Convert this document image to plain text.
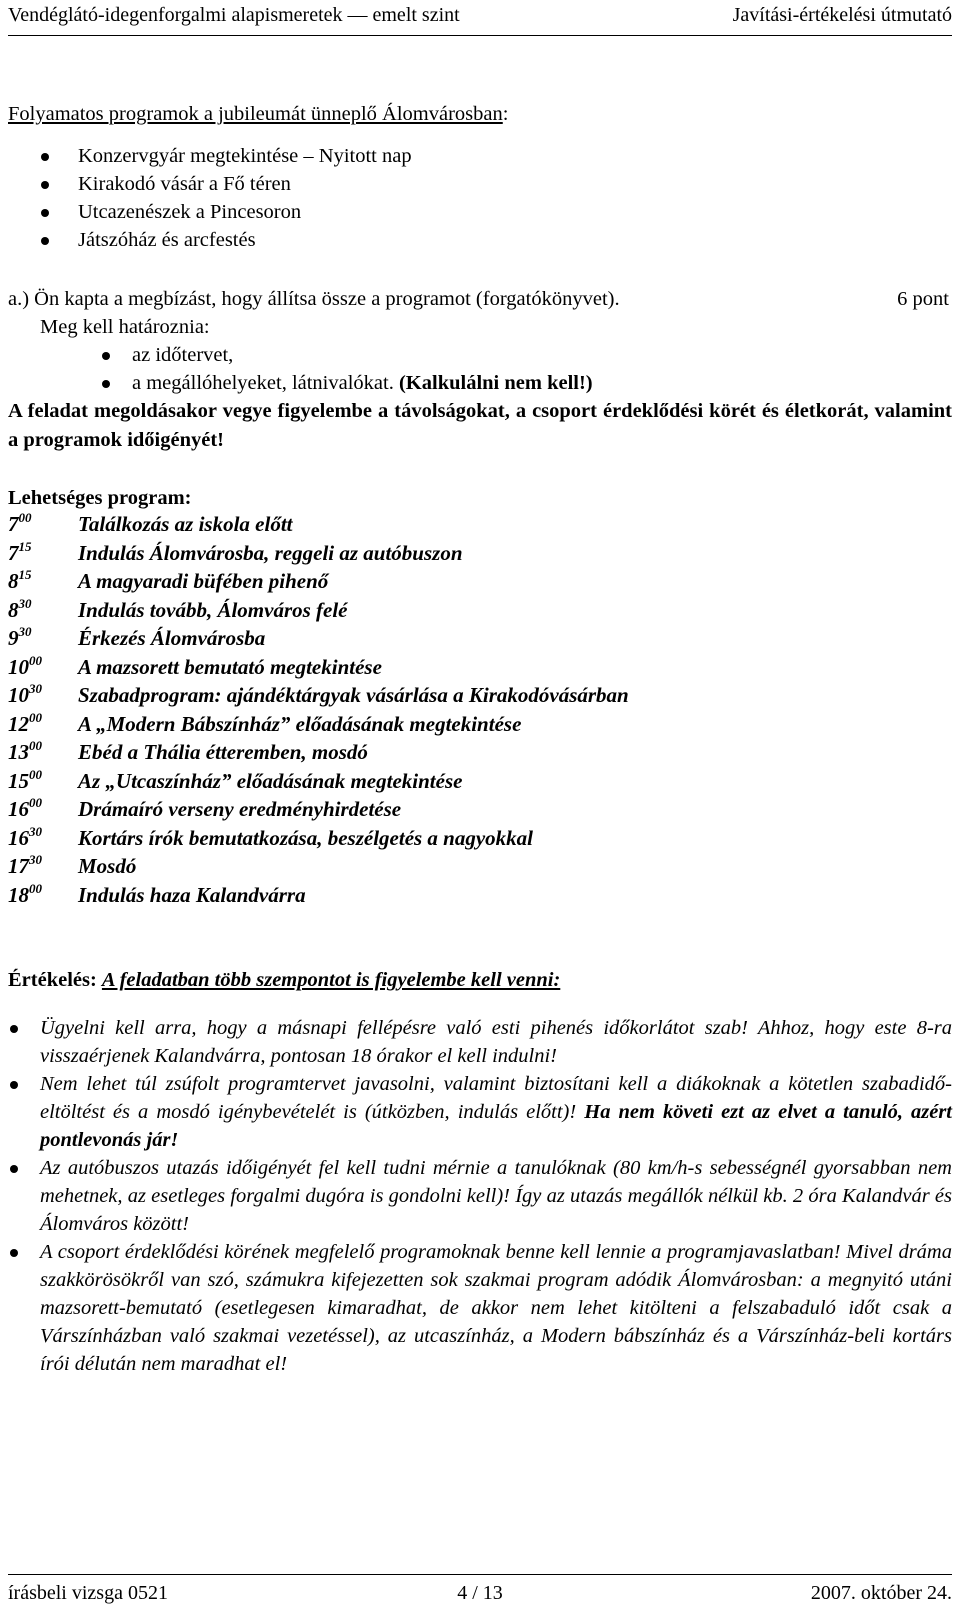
Vendéglátó-idegenforgalmi alapismeretek — emelt szint	Javítási-értékelési útmutató
Folyamatos programok a jubileumát ünneplő Álomvárosban:
Konzervgyár megtekintése – Nyitott nap
Kirakodó vásár a Fő téren
Utcazenészek a Pincesoron
Játszóház és arcfestés
a.) Ön kapta a megbízást, hogy állítsa össze a programot (forgatókönyvet).	6 pont
Meg kell határoznia:
az időtervet,
a megállóhelyeket, látnivalókat. (Kalkulálni nem kell!)
A feladat megoldásakor vegye figyelembe a távolságokat, a csoport érdeklődési körét és életkorát, valamint a programok időigényét!
Lehetséges program:
$7^{00}$	Találkozás az iskola előtt
$7^{15}$	Indulás Álomvárosba, reggeli az autóbuszon
$8^{15}$	A magyaradi büfében pihenő
$8^{30}$	Indulás tovább, Álomváros felé
$9^{30}$	Érkezés Álomvárosba
$10^{00}$	A mazsorett bemutató megtekintése
$10^{30}$	Szabadprogram: ajándéktárgyak vásárlása a Kirakodóvásárban
$12^{00}$	A „Modern Bábszínház” előadásának megtekintése
$13^{00}$	Ebéd a Thália étteremben, mosdó
$15^{00}$	Az „Utcaszínház” előadásának megtekintése
$16^{00}$	Drámaíró verseny eredményhirdetése
$16^{30}$	Kortárs írók bemutatkozása, beszélgetés a nagyokkal
$17^{30}$	Mosdó
$18^{00}$	Indulás haza Kalandvárra
Értékelés: A feladatban több szempontot is figyelembe kell venni:
Ügyelni kell arra, hogy a másnapi fellépésre való esti pihenés időkorlátot szab! Ahhoz, hogy este 8-ra visszaérjenek Kalandvárra, pontosan 18 órakor el kell indulni!
Nem lehet túl zsúfolt programtervet javasolni, valamint biztosítani kell a diákoknak a kötetlen szabadidő-eltöltést és a mosdó igénybevételét is (útközben, indulás előtt)! Ha nem követi ezt az elvet a tanuló, azért pontlevonás jár!
Az autóbuszos utazás időigényét fel kell tudni mérnie a tanulóknak (80 km/h-s sebességnél gyorsabban nem mehetnek, az esetleges forgalmi dugóra is gondolni kell)! Így az utazás megállók nélkül kb. 2 óra Kalandvár és Álomváros között!
A csoport érdeklődési körének megfelelő programoknak benne kell lennie a programjavaslatban! Mivel dráma szakkörösökről van szó, számukra kifejezetten sok szakmai program adódik Álomvárosban: a megnyitó utáni mazsorett-bemutató (esetlegesen kimaradhat, de akkor nem lehet kitölteni a felszabaduló időt csak a Várszínházban való szakmai vezetéssel), az utcaszínház, a Modern bábszínház és a Várszínház-beli kortárs írói délután nem maradhat el!
írásbeli vizsga 0521	4 / 13	2007. október 24.
